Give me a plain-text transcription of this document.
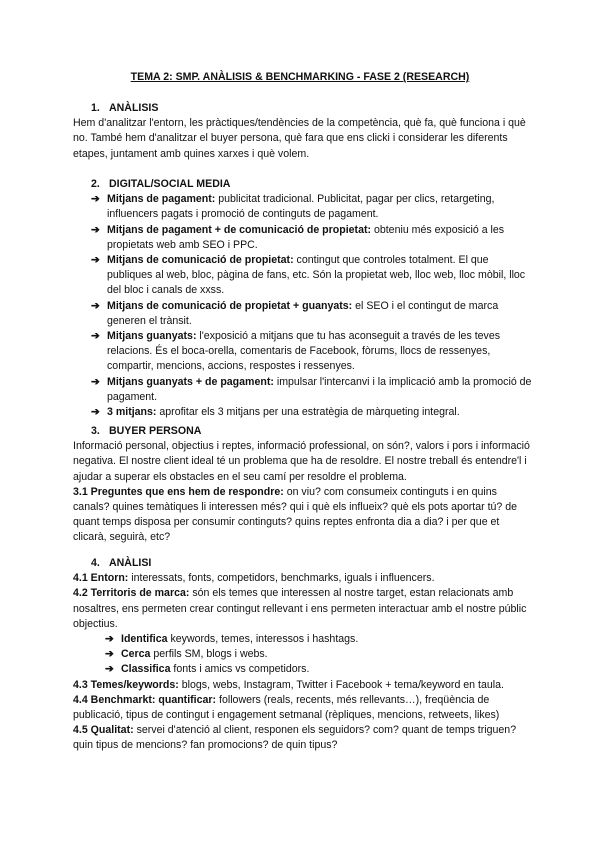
TEMA 2: SMP. ANÀLISIS & BENCHMARKING - FASE 2 (RESEARCH)
1. ANÀLISIS

Hem d'analitzar l'entorn, les pràctiques/tendències de la competència, què fa, què funciona i què no. També hem d'analitzar el buyer persona, què fara que ens clicki i considerar les diferents etapes, juntament amb quines xarxes i què volem.

2. DIGITAL/SOCIAL MEDIA
➔ Mitjans de pagament: publicitat tradicional. Publicitat, pagar per clics, retargeting, influencers pagats i promoció de continguts de pagament.
➔ Mitjans de pagament + de comunicació de propietat: obteniu més exposició a les propietats web amb SEO i PPC.
➔ Mitjans de comunicació de propietat: contingut que controles totalment. El que publiques al web, bloc, pàgina de fans, etc. Són la propietat web, lloc web, lloc mòbil, lloc del bloc i canals de xxss.
➔ Mitjans de comunicació de propietat + guanyats: el SEO i el contingut de marca generen el trànsit.
➔ Mitjans guanyats: l'exposició a mitjans que tu has aconseguit a través de les teves relacions. És el boca-orella, comentaris de Facebook, fòrums, llocs de ressenyes, compartir, mencions, accions, respostes i ressenyes.
➔ Mitjans guanyats + de pagament: impulsar l'intercanvi i la implicació amb la promoció de pagament.
➔ 3 mitjans: aprofitar els 3 mitjans per una estratègia de màrqueting integral.
3. BUYER PERSONA

Informació personal, objectius i reptes, informació professional, on són?, valors i pors i informació negativa. El nostre client ideal té un problema que ha de resoldre. El nostre treball és entendre'l i ajudar a superar els obstacles en el seu camí per resoldre el problema.

3.1 Preguntes que ens hem de respondre: on viu? com consumeix continguts i en quins canals? quines temàtiques li interessen més? qui i què els influeix? què els pots aportar tú? de quant temps disposa per consumir continguts? quins reptes enfronta dia a dia? i per que et clicarà, seguirà, etc?

4. ANÀLISI

4.1 Entorn: interessats, fonts, competidors, benchmarks, iguals i influencers.

4.2 Territoris de marca: són els temes que interessen al nostre target, estan relacionats amb nosaltres, ens permeten crear contingut rellevant i ens permeten interactuar amb el nostre públic objectius.

➔ Identifica keywords, temes, interessos i hashtags.
➔ Cerca perfils SM, blogs i webs.
➔ Classifica fonts i amics vs competidors.

4.3 Temes/keywords: blogs, webs, Instagram, Twitter i Facebook + tema/keyword en taula.

4.4 Benchmarkt: quantificar: followers (reals, recents, més rellevants…), freqüència de publicació, tipus de contingut i engagement setmanal (rèpliques, mencions, retweets, likes)

4.5 Qualitat: servei d'atenció al client, responen els seguidors? com? quant de temps triguen? quin tipus de mencions? fan promocions? de quin tipus?
